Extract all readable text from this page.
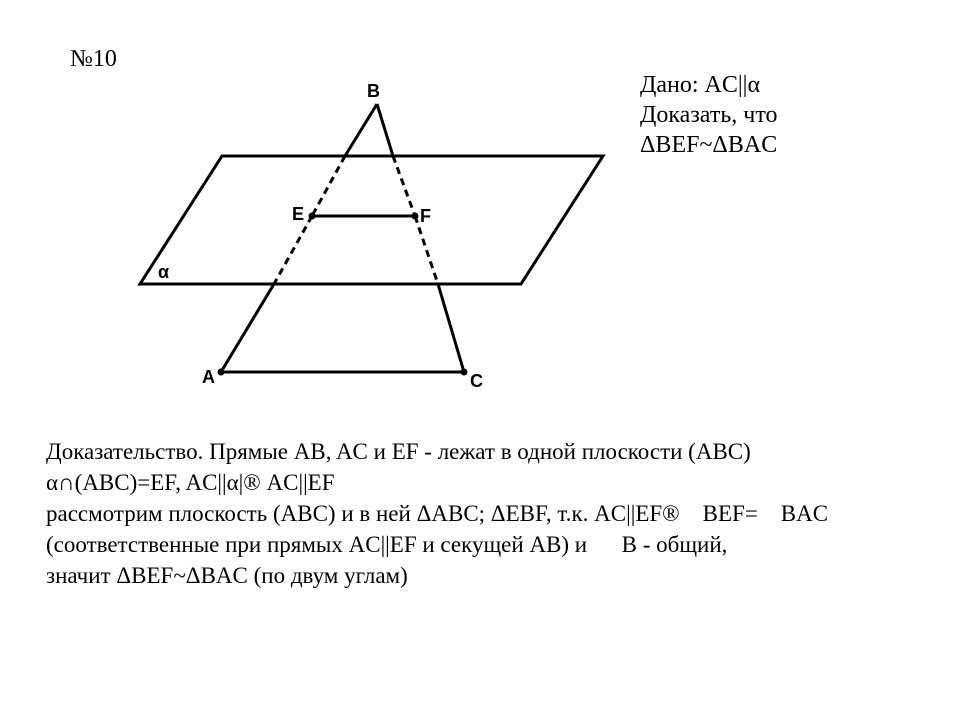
№10
Дано: AC||α
Доказать, что
ΔBEF~ΔBAC
B
E	F
α
A	C
Доказательство. Прямые AB, AC и EF - лежат в одной плоскости (ABC)
α∩(ABC)=EF, AC||α|® AC||EF
рассмотрим плоскость (ABC) и в ней ΔABC; ΔEBF, т.к. AC||EF® BEF= BAC
(соответственные при прямых AC||EF и секущей AB) и   B - общий,
значит ΔBEF~ΔBAC (по двум углам)
